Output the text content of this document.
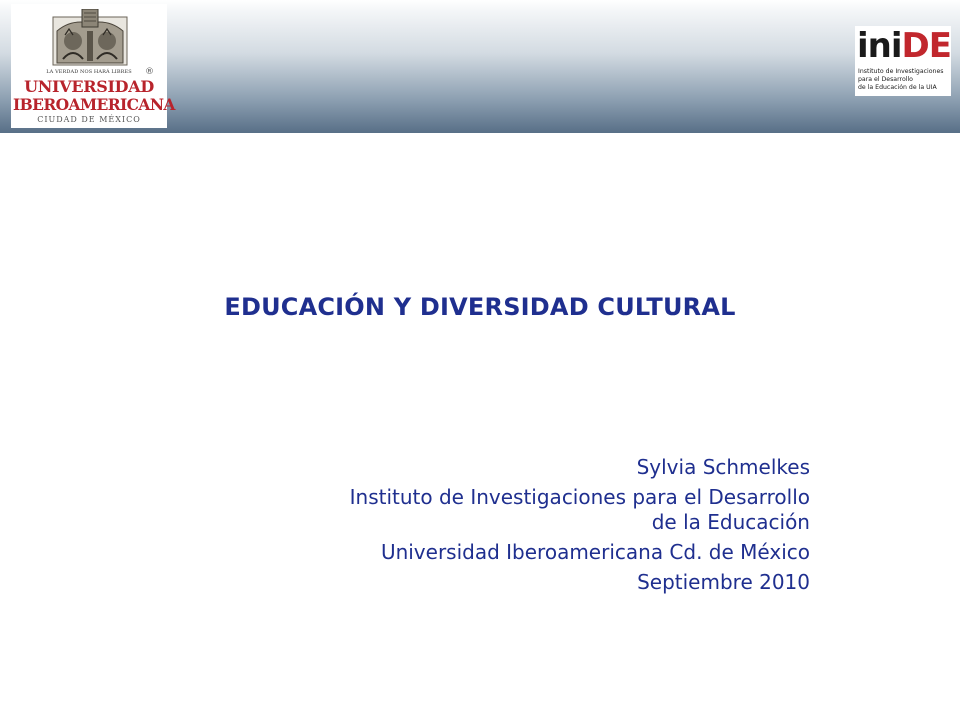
LA VERDAD NOS HARÁ LIBRES	®
UNIVERSIDAD
IBEROAMERICANA
CIUDAD DE MÉXICO
iniDE
Instituto de Investigaciones
para el Desarrollo
de la Educación de la UIA
EDUCACIÓN Y DIVERSIDAD CULTURAL
Sylvia Schmelkes
Instituto de Investigaciones para el Desarrollo
de la Educación
Universidad Iberoamericana Cd. de México
Septiembre 2010
